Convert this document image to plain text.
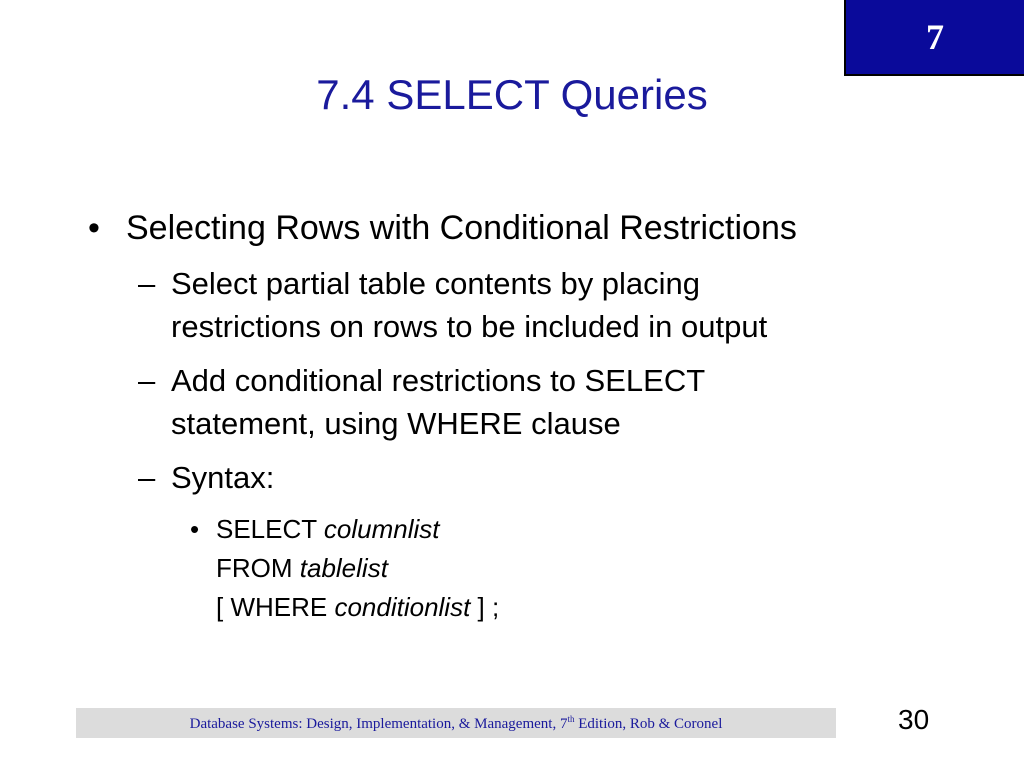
7
7.4 SELECT Queries
• Selecting Rows with Conditional Restrictions
– Select partial table contents by placing
restrictions on rows to be included in output
– Add conditional restrictions to SELECT
statement, using WHERE clause
– Syntax:
• SELECT columnlist
FROM tablelist
[ WHERE conditionlist ] ;
Database Systems: Design, Implementation, & Management, 7th Edition, Rob & Coronel	30
